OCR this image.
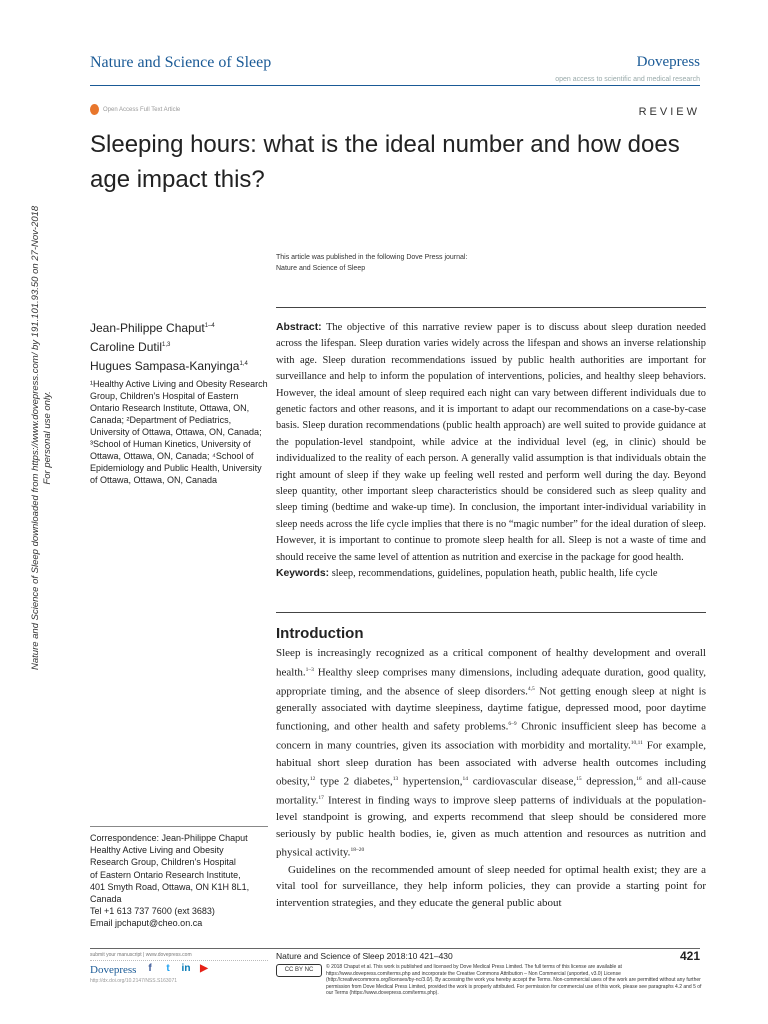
Nature and Science of Sleep downloaded from https://www.dovepress.com/ by 191.101.93.50 on 27-Nov-2018 For personal use only.
Nature and Science of Sleep	Dovepress
open access to scientific and medical research
Open Access Full Text Article	REVIEW
Sleeping hours: what is the ideal number and how does age impact this?
This article was published in the following Dove Press journal:
Nature and Science of Sleep
Jean-Philippe Chaput$^{1-4}$
Caroline Dutil$^{1,3}$
Hugues Sampasa-Kanyinga$^{1,4}$
¹Healthy Active Living and Obesity Research Group, Children’s Hospital of Eastern Ontario Research Institute, Ottawa, ON, Canada; ²Department of Pediatrics, University of Ottawa, Ottawa, ON, Canada; ³School of Human Kinetics, University of Ottawa, Ottawa, ON, Canada; ⁴School of Epidemiology and Public Health, University of Ottawa, Ottawa, ON, Canada
Abstract: The objective of this narrative review paper is to discuss about sleep duration needed across the lifespan. Sleep duration varies widely across the lifespan and shows an inverse relationship with age. Sleep duration recommendations issued by public health authorities are important for surveillance and help to inform the population of interventions, policies, and healthy sleep behaviors. However, the ideal amount of sleep required each night can vary between different individuals due to genetic factors and other reasons, and it is important to adapt our recommendations on a case-by-case basis. Sleep duration recommendations (public health approach) are well suited to provide guidance at the population-level standpoint, while advice at the individual level (eg, in clinic) should be individualized to the reality of each person. A generally valid assumption is that individuals obtain the right amount of sleep if they wake up feeling well rested and perform well during the day. Beyond sleep quantity, other important sleep characteristics should be considered such as sleep quality and sleep timing (bedtime and wake-up time). In conclusion, the important inter-individual variability in sleep needs across the life cycle implies that there is no “magic number” for the ideal duration of sleep. However, it is important to continue to promote sleep health for all. Sleep is not a waste of time and should receive the same level of attention as nutrition and exercise in the package for good health.
Keywords: sleep, recommendations, guidelines, population heath, public health, life cycle
Introduction

Sleep is increasingly recognized as a critical component of healthy development and overall health.$^{1-3}$ Healthy sleep comprises many dimensions, including adequate duration, good quality, appropriate timing, and the absence of sleep disorders.$^{4,5}$ Not getting enough sleep at night is generally associated with daytime sleepiness, daytime fatigue, depressed mood, poor daytime functioning, and other health and safety problems.$^{6-9}$ Chronic insufficient sleep has become a concern in many countries, given its association with morbidity and mortality.$^{10,11}$ For example, habitual short sleep duration has been associated with adverse health outcomes including obesity,$^{12}$ type 2 diabetes,$^{13}$ hypertension,$^{14}$ cardiovascular disease,$^{15}$ depression,$^{16}$ and all-cause mortality.$^{17}$ Interest in finding ways to improve sleep patterns of individuals at the population-level standpoint is growing, and experts recommend that sleep should be considered more seriously by public health bodies, ie, given as much attention and resources as nutrition and physical activity.$^{18-20}$

Guidelines on the recommended amount of sleep needed for optimal health exist; they are a vital tool for surveillance, they help inform policies, they can provide a starting point for intervention strategies, and they educate the general public about

Correspondence: Jean-Philippe Chaput
Healthy Active Living and Obesity
Research Group, Children’s Hospital
of Eastern Ontario Research Institute,
401 Smyth Road, Ottawa, ON K1H 8L1,
Canada
Tel +1 613 737 7600 (ext 3683)
Email jpchaput@cheo.on.ca
submit your manuscript | www.dovepress.com
Dovepress	f	t	in ▶
http://dx.doi.org/10.2147/NSS.S163071
Nature and Science of Sleep 2018:10 421–430	421
CC BY NC	© 2018 Chaput et al. This work is published and licensed by Dove Medical Press Limited. The full terms of this license are available at https://www.dovepress.com/terms.php and incorporate the Creative Commons Attribution – Non Commercial (unported, v3.0) License (http://creativecommons.org/licenses/by-nc/3.0/). By accessing the work you hereby accept the Terms. Non-commercial uses of the work are permitted without any further permission from Dove Medical Press Limited, provided the work is properly attributed. For permission for commercial use of this work, please see paragraphs 4.2 and 5 of our Terms (https://www.dovepress.com/terms.php).
